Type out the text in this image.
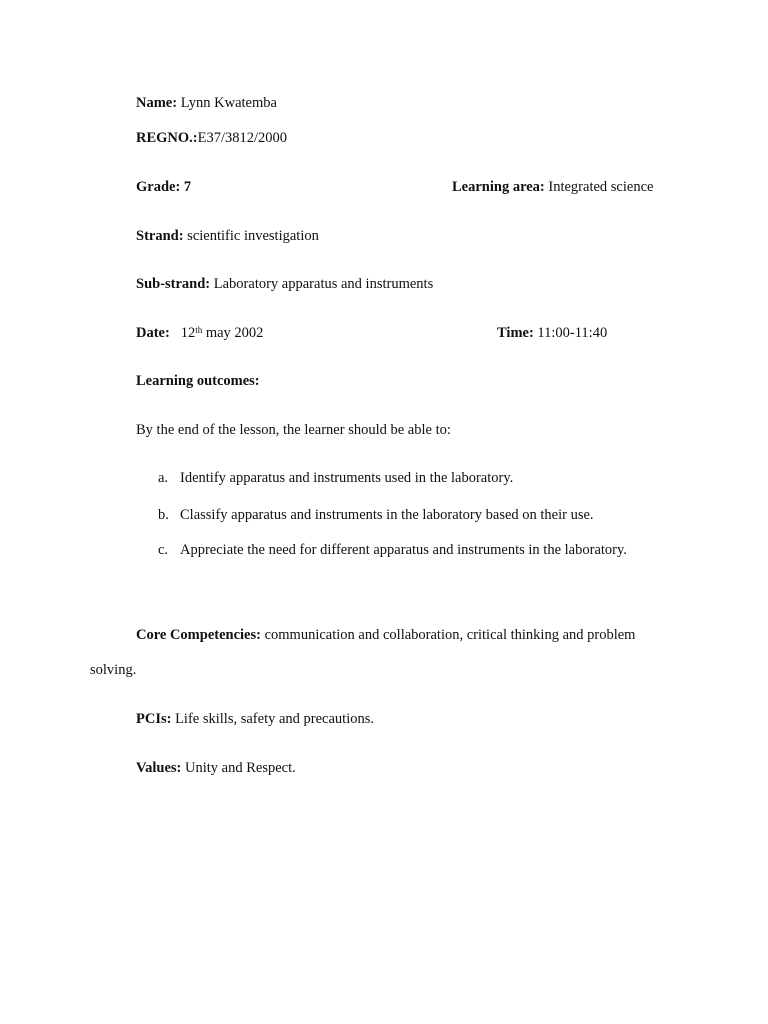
Name: Lynn Kwatemba
REGNO.:E37/3812/2000
Grade: 7	Learning area: Integrated science
Strand: scientific investigation
Sub-strand: Laboratory apparatus and instruments
Date: 12th may 2002	Time: 11:00-11:40
Learning outcomes:
By the end of the lesson, the learner should be able to:
a. Identify apparatus and instruments used in the laboratory.
b. Classify apparatus and instruments in the laboratory based on their use.
c. Appreciate the need for different apparatus and instruments in the laboratory.
Core Competencies: communication and collaboration, critical thinking and problem
solving.
PCIs: Life skills, safety and precautions.
Values: Unity and Respect.
